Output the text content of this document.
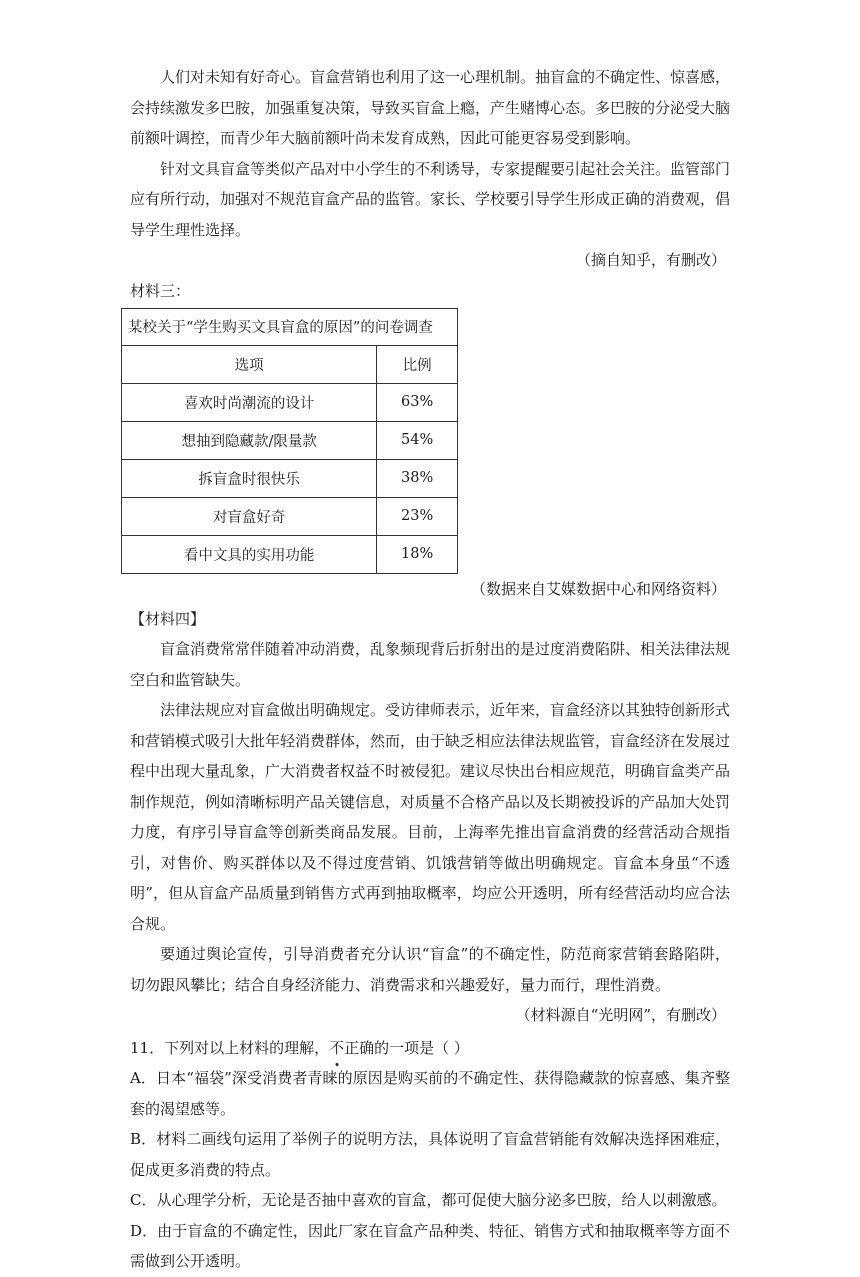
人们对未知有好奇心。盲盒营销也利用了这一心理机制。抽盲盒的不确定性、惊喜感，会持续激发多巴胺，加强重复决策，导致买盲盒上瘾，产生赌博心态。多巴胺的分泌受大脑前额叶调控，而青少年大脑前额叶尚未发育成熟，因此可能更容易受到影响。

针对文具盲盒等类似产品对中小学生的不利诱导，专家提醒要引起社会关注。监管部门应有所行动，加强对不规范盲盒产品的监管。家长、学校要引导学生形成正确的消费观，倡导学生理性选择。

（摘自知乎，有删改）

材料三：

某校关于“学生购买文具盲盒的原因”的问卷调查	
选项	比例
喜欢时尚潮流的设计	63%
想抽到隐藏款/限量款	54%
拆盲盒时很快乐	38%
对盲盒好奇	23%
看中文具的实用功能	18%

（数据来自艾媒数据中心和网络资料）

【材料四】

盲盒消费常常伴随着冲动消费，乱象频现背后折射出的是过度消费陷阱、相关法律法规空白和监管缺失。

法律法规应对盲盒做出明确规定。受访律师表示，近年来，盲盒经济以其独特创新形式和营销模式吸引大批年轻消费群体，然而，由于缺乏相应法律法规监管，盲盒经济在发展过程中出现大量乱象，广大消费者权益不时被侵犯。建议尽快出台相应规范，明确盲盒类产品制作规范，例如清晰标明产品关键信息，对质量不合格产品以及长期被投诉的产品加大处罚力度，有序引导盲盒等创新类商品发展。目前，上海率先推出盲盒消费的经营活动合规指引，对售价、购买群体以及不得过度营销、饥饿营销等做出明确规定。盲盒本身虽“不透明”，但从盲盒产品质量到销售方式再到抽取概率，均应公开透明，所有经营活动均应合法合规。

要通过舆论宣传，引导消费者充分认识“盲盒”的不确定性，防范商家营销套路陷阱，切勿跟风攀比；结合自身经济能力、消费需求和兴趣爱好，量力而行，理性消费。

（材料源自“光明网”，有删改）

11．下列对以上材料的理解，不正确的一项是（ ）

A．日本“福袋”深受消费者青睐的原因是购买前的不确定性、获得隐藏款的惊喜感、集齐整套的渴望感等。

B．材料二画线句运用了举例子的说明方法，具体说明了盲盒营销能有效解决选择困难症，促成更多消费的特点。

C．从心理学分析，无论是否抽中喜欢的盲盒，都可促使大脑分泌多巴胺，给人以刺激感。

D．由于盲盒的不确定性，因此厂家在盲盒产品种类、特征、销售方式和抽取概率等方面不需做到公开透明。
